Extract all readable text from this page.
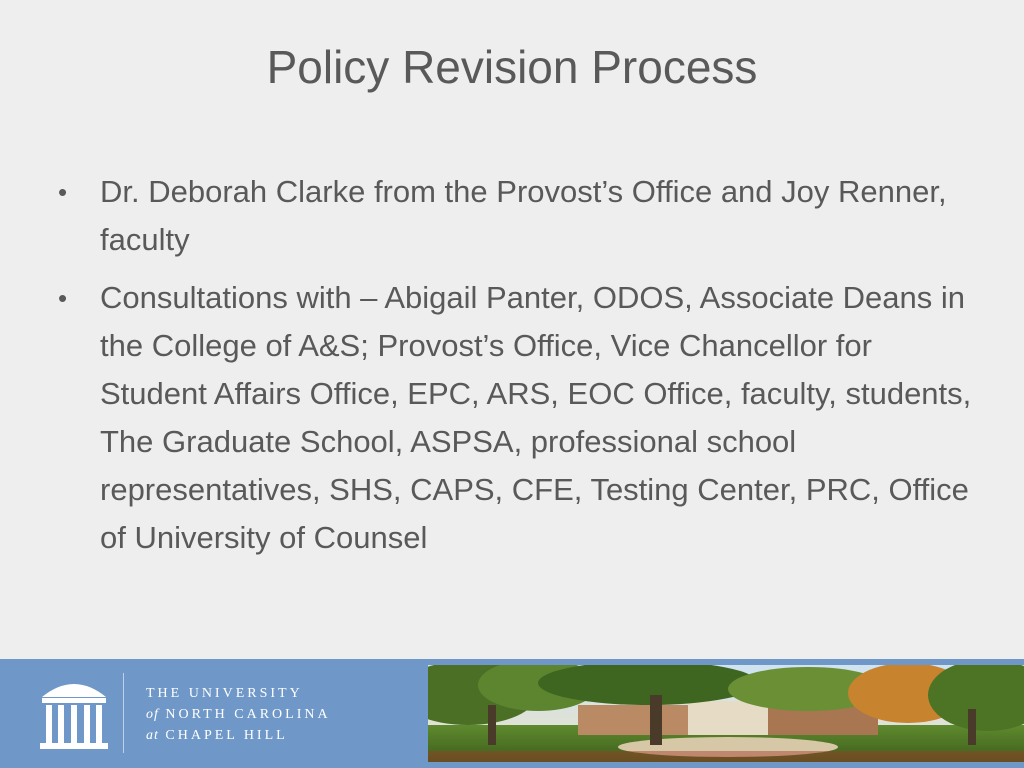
Policy Revision Process
• Dr. Deborah Clarke from the Provost’s Office and Joy Renner, faculty
• Consultations with – Abigail Panter, ODOS, Associate Deans in the College of A&S; Provost’s Office, Vice Chancellor for Student Affairs Office, EPC, ARS, EOC Office, faculty, students, The Graduate School, ASPSA, professional school representatives, SHS, CAPS, CFE, Testing Center, PRC, Office of University of Counsel
THE UNIVERSITY
of NORTH CAROLINA
at CHAPEL HILL
